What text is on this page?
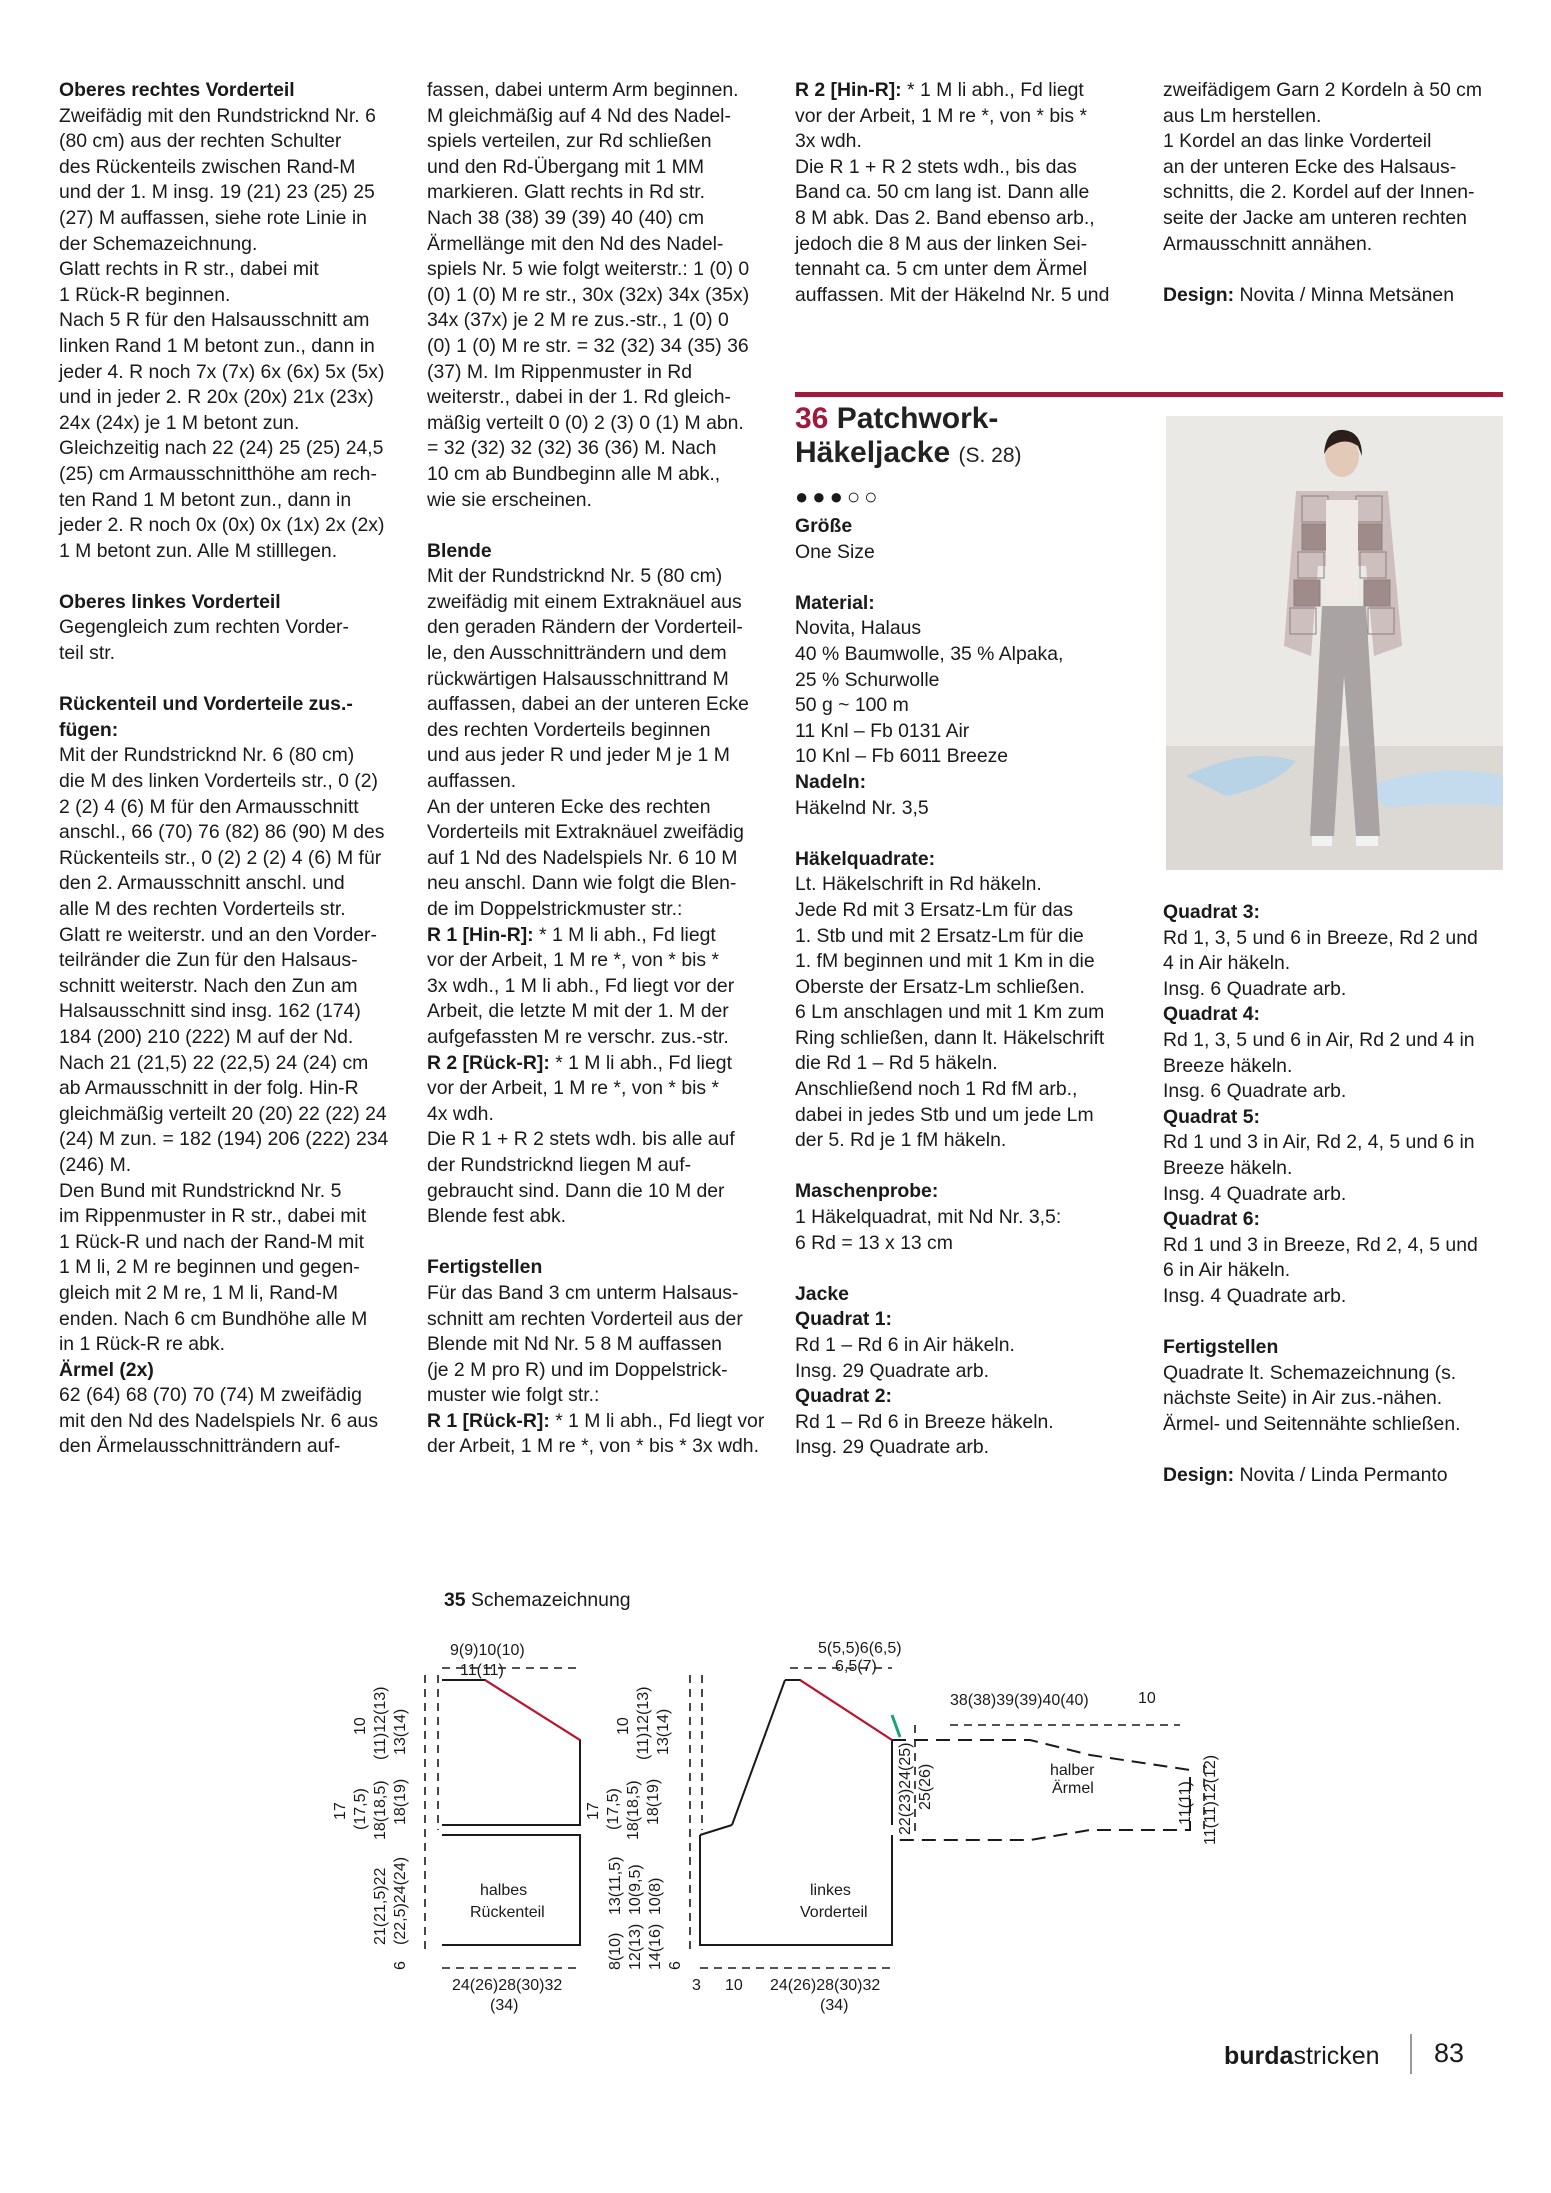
Oberes rechtes Vorderteil

Zweifädig mit den Rundstricknd Nr. 6

(80 cm) aus der rechten Schulter

des Rückenteils zwischen Rand-M

und der 1. M insg. 19 (21) 23 (25) 25

(27) M auffassen, siehe rote Linie in

der Schemazeichnung.

Glatt rechts in R str., dabei mit

1 Rück-R beginnen.

Nach 5 R für den Halsausschnitt am

linken Rand 1 M betont zun., dann in

jeder 4. R noch 7x (7x) 6x (6x) 5x (5x)

und in jeder 2. R 20x (20x) 21x (23x)

24x (24x) je 1 M betont zun.

Gleichzeitig nach 22 (24) 25 (25) 24,5

(25) cm Armausschnitthöhe am rech-

ten Rand 1 M betont zun., dann in

jeder 2. R noch 0x (0x) 0x (1x) 2x (2x)

1 M betont zun. Alle M stilllegen.

Oberes linkes Vorderteil

Gegengleich zum rechten Vorder-

teil str.

Rückenteil und Vorderteile zus.-

fügen:

Mit der Rundstricknd Nr. 6 (80 cm)

die M des linken Vorderteils str., 0 (2)

2 (2) 4 (6) M für den Armausschnitt

anschl., 66 (70) 76 (82) 86 (90) M des

Rückenteils str., 0 (2) 2 (2) 4 (6) M für

den 2. Armausschnitt anschl. und

alle M des rechten Vorderteils str.

Glatt re weiterstr. und an den Vorder-

teilränder die Zun für den Halsaus-

schnitt weiterstr. Nach den Zun am

Halsausschnitt sind insg. 162 (174)

184 (200) 210 (222) M auf der Nd.

Nach 21 (21,5) 22 (22,5) 24 (24) cm

ab Armausschnitt in der folg. Hin-R

gleichmäßig verteilt 20 (20) 22 (22) 24

(24) M zun. = 182 (194) 206 (222) 234

(246) M.

Den Bund mit Rundstricknd Nr. 5

im Rippenmuster in R str., dabei mit

1 Rück-R und nach der Rand-M mit

1 M li, 2 M re beginnen und gegen-

gleich mit 2 M re, 1 M li, Rand-M

enden. Nach 6 cm Bundhöhe alle M

in 1 Rück-R re abk.

Ärmel (2x)

62 (64) 68 (70) 70 (74) M zweifädig

mit den Nd des Nadelspiels Nr. 6 aus

den Ärmelausschnitträndern auf-

fassen, dabei unterm Arm beginnen.

M gleichmäßig auf 4 Nd des Nadel-

spiels verteilen, zur Rd schließen

und den Rd-Übergang mit 1 MM

markieren. Glatt rechts in Rd str.

Nach 38 (38) 39 (39) 40 (40) cm

Ärmellänge mit den Nd des Nadel-

spiels Nr. 5 wie folgt weiterstr.: 1 (0) 0

(0) 1 (0) M re str., 30x (32x) 34x (35x)

34x (37x) je 2 M re zus.-str., 1 (0) 0

(0) 1 (0) M re str. = 32 (32) 34 (35) 36

(37) M. Im Rippenmuster in Rd

weiterstr., dabei in der 1. Rd gleich-

mäßig verteilt 0 (0) 2 (3) 0 (1) M abn.

= 32 (32) 32 (32) 36 (36) M. Nach

10 cm ab Bundbeginn alle M abk.,

wie sie erscheinen.

Blende

Mit der Rundstricknd Nr. 5 (80 cm)

zweifädig mit einem Extraknäuel aus

den geraden Rändern der Vorderteil-

le, den Ausschnitträndern und dem

rückwärtigen Halsausschnittrand M

auffassen, dabei an der unteren Ecke

des rechten Vorderteils beginnen

und aus jeder R und jeder M je 1 M

auffassen.

An der unteren Ecke des rechten

Vorderteils mit Extraknäuel zweifädig

auf 1 Nd des Nadelspiels Nr. 6 10 M

neu anschl. Dann wie folgt die Blen-

de im Doppelstrickmuster str.:

R 1 [Hin-R]: * 1 M li abh., Fd liegt

vor der Arbeit, 1 M re *, von * bis *

3x wdh., 1 M li abh., Fd liegt vor der

Arbeit, die letzte M mit der 1. M der

aufgefassten M re verschr. zus.-str.

R 2 [Rück-R]: * 1 M li abh., Fd liegt

vor der Arbeit, 1 M re *, von * bis *

4x wdh.

Die R 1 + R 2 stets wdh. bis alle auf

der Rundstricknd liegen M auf-

gebraucht sind. Dann die 10 M der

Blende fest abk.

Fertigstellen

Für das Band 3 cm unterm Halsaus-

schnitt am rechten Vorderteil aus der

Blende mit Nd Nr. 5 8 M auffassen

(je 2 M pro R) und im Doppelstrick-

muster wie folgt str.:

R 1 [Rück-R]: * 1 M li abh., Fd liegt vor

der Arbeit, 1 M re *, von * bis * 3x wdh.

R 2 [Hin-R]: * 1 M li abh., Fd liegt

vor der Arbeit, 1 M re *, von * bis *

3x wdh.

Die R 1 + R 2 stets wdh., bis das

Band ca. 50 cm lang ist. Dann alle

8 M abk. Das 2. Band ebenso arb.,

jedoch die 8 M aus der linken Sei-

tennaht ca. 5 cm unter dem Ärmel

auffassen. Mit der Häkelnd Nr. 5 und

36 Patchwork-
Häkeljacke (S. 28)
●●●○○

Größe

One Size

Material:

Novita, Halaus

40 % Baumwolle, 35 % Alpaka,

25 % Schurwolle

50 g ~ 100 m

11 Knl – Fb 0131 Air

10 Knl – Fb 6011 Breeze

Nadeln:

Häkelnd Nr. 3,5

Häkelquadrate:

Lt. Häkelschrift in Rd häkeln.

Jede Rd mit 3 Ersatz-Lm für das

1. Stb und mit 2 Ersatz-Lm für die

1. fM beginnen und mit 1 Km in die

Oberste der Ersatz-Lm schließen.

6 Lm anschlagen und mit 1 Km zum

Ring schließen, dann lt. Häkelschrift

die Rd 1 – Rd 5 häkeln.

Anschließend noch 1 Rd fM arb.,

dabei in jedes Stb und um jede Lm

der 5. Rd je 1 fM häkeln.

Maschenprobe:

1 Häkelquadrat, mit Nd Nr. 3,5:

6 Rd = 13 x 13 cm

Jacke

Quadrat 1:

Rd 1 – Rd 6 in Air häkeln.

Insg. 29 Quadrate arb.

Quadrat 2:

Rd 1 – Rd 6 in Breeze häkeln.

Insg. 29 Quadrate arb.

zweifädigem Garn 2 Kordeln à 50 cm

aus Lm herstellen.

1 Kordel an das linke Vorderteil

an der unteren Ecke des Halsaus-

schnitts, die 2. Kordel auf der Innen-

seite der Jacke am unteren rechten

Armausschnitt annähen.

Design: Novita / Minna Metsänen

Quadrat 3:

Rd 1, 3, 5 und 6 in Breeze, Rd 2 und

4 in Air häkeln.

Insg. 6 Quadrate arb.

Quadrat 4:

Rd 1, 3, 5 und 6 in Air, Rd 2 und 4 in

Breeze häkeln.

Insg. 6 Quadrate arb.

Quadrat 5:

Rd 1 und 3 in Air, Rd 2, 4, 5 und 6 in

Breeze häkeln.

Insg. 4 Quadrate arb.

Quadrat 6:

Rd 1 und 3 in Breeze, Rd 2, 4, 5 und

6 in Air häkeln.

Insg. 4 Quadrate arb.

Fertigstellen

Quadrate lt. Schemazeichnung (s.

nächste Seite) in Air zus.-nähen.

Ärmel- und Seitennähte schließen.

Design: Novita / Linda Permanto

35 Schemazeichnung
9(9)10(10)
11(11)
10 (11)12(13) 13(14)
17 (17,5) 18(18,5) 18(19)
21(21,5)22 (22,5)24(24)
6
halbes
Rückenteil
24(26)28(30)32
(34)
5(5,5)6(6,5)
6,5(7)
10 (11)12(13) 13(14)
17 (17,5) 18(18,5) 18(19)
13(11,5) 10(9,5) 10(8)
8(10) 12(13) 14(16) 6
22(23)24(25) 25(26)
linkes
Vorderteil
3 10 24(26)28(30)32
(34)
38(38)39(39)40(40)	10
halber
Ärmel	11(11) 11(11)12(12)
burdastricken 83
